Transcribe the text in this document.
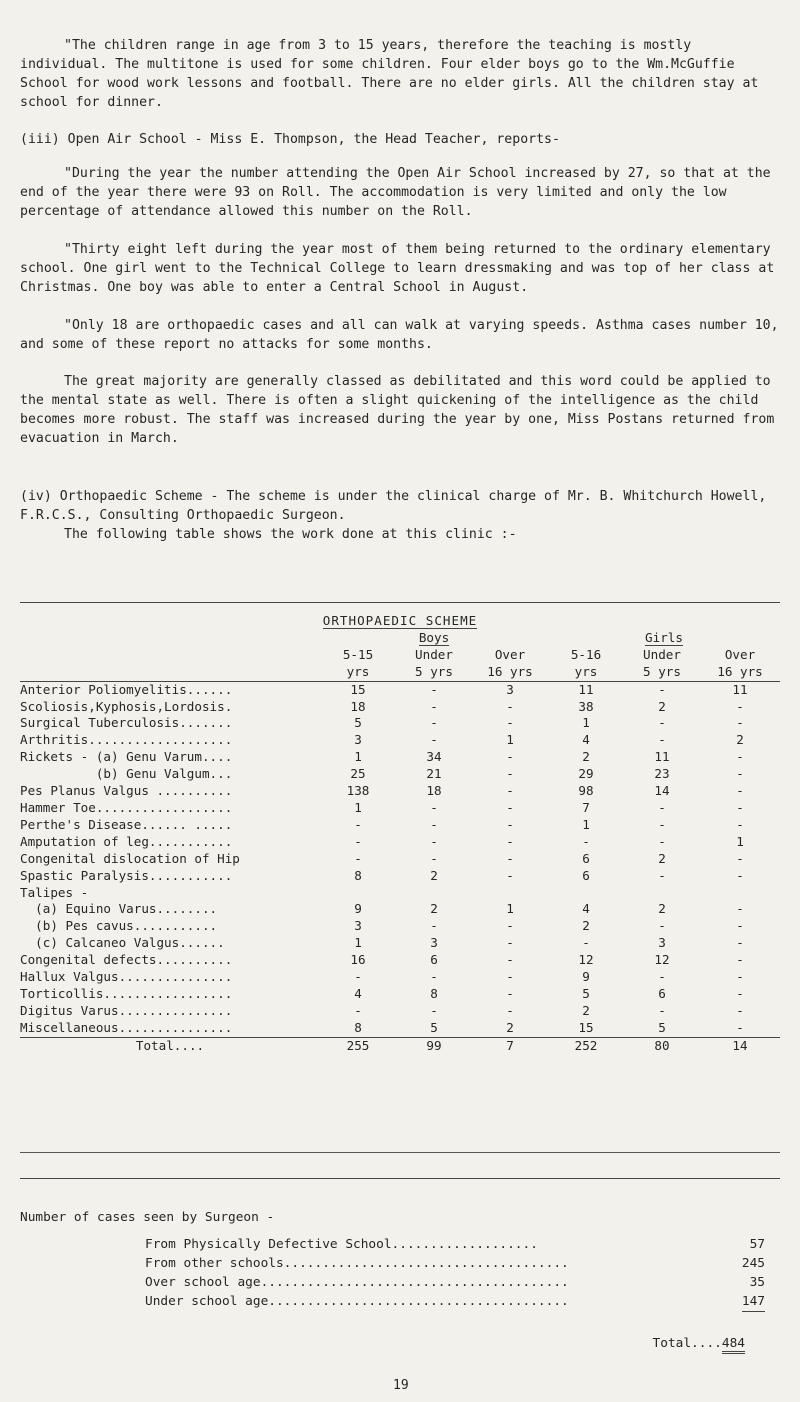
"The children range in age from 3 to 15 years, therefore the teaching is mostly individual. The multitone is used for some children. Four elder boys go to the Wm.McGuffie School for wood work lessons and football. There are no elder girls. All the children stay at school for dinner.

(iii) Open Air School - Miss E. Thompson, the Head Teacher, reports-

"During the year the number attending the Open Air School increased by 27, so that at the end of the year there were 93 on Roll. The accommodation is very limited and only the low percentage of attendance allowed this number on the Roll.

"Thirty eight left during the year most of them being returned to the ordinary elementary school. One girl went to the Technical College to learn dressmaking and was top of her class at Christmas. One boy was able to enter a Central School in August.

"Only 18 are orthopaedic cases and all can walk at varying speeds. Asthma cases number 10, and some of these report no attacks for some months.

The great majority are generally classed as debilitated and this word could be applied to the mental state as well. There is often a slight quickening of the intelligence as the child becomes more robust. The staff was increased during the year by one, Miss Postans returned from evacuation in March.

(iv) Orthopaedic Scheme - The scheme is under the clinical charge of Mr. B. Whitchurch Howell, F.R.C.S., Consulting Orthopaedic Surgeon.

The following table shows the work done at this clinic :-

ORTHOPAEDIC SCHEME						
	Boys			Girls		
	5-15	Under	Over	5-16	Under	Over
	yrs	5 yrs	16 yrs	yrs	5 yrs	16 yrs
Anterior Poliomyelitis......	15	-	3	11	-	11
Scoliosis,Kyphosis,Lordosis.	18	-	-	38	2	-
Surgical Tuberculosis.......	5	-	-	1	-	-
Arthritis...................	3	-	1	4	-	2
Rickets - (a) Genu Varum....	1	34	-	2	11	-
(b) Genu Valgum...	25	21	-	29	23	-
Pes Planus Valgus ..........	138	18	-	98	14	-
Hammer Toe..................	1	-	-	7	-	-
Perthe's Disease...... .....	-	-	-	1	-	-
Amputation of leg...........	-	-	-	-	-	1
Congenital dislocation of Hip	-	-	-	6	2	-
Spastic Paralysis...........	8	2	-	6	-	-
Talipes -						
(a) Equino Varus........	9	2	1	4	2	-
(b) Pes cavus...........	3	-	-	2	-	-
(c) Calcaneo Valgus......	1	3	-	-	3	-
Congenital defects..........	16	6	-	12	12	-
Hallux Valgus...............	-	-	-	9	-	-
Torticollis.................	4	8	-	5	6	-
Digitus Varus...............	-	-	-	2	-	-
Miscellaneous...............	8	5	2	15	5	-
Total....	255	99	7	252	80	14
Number of cases seen by Surgeon -
From Physically Defective School...................	57
From other schools.....................................	245
Over school age........................................	35
Under school age.......................................	147
Total....484
19
